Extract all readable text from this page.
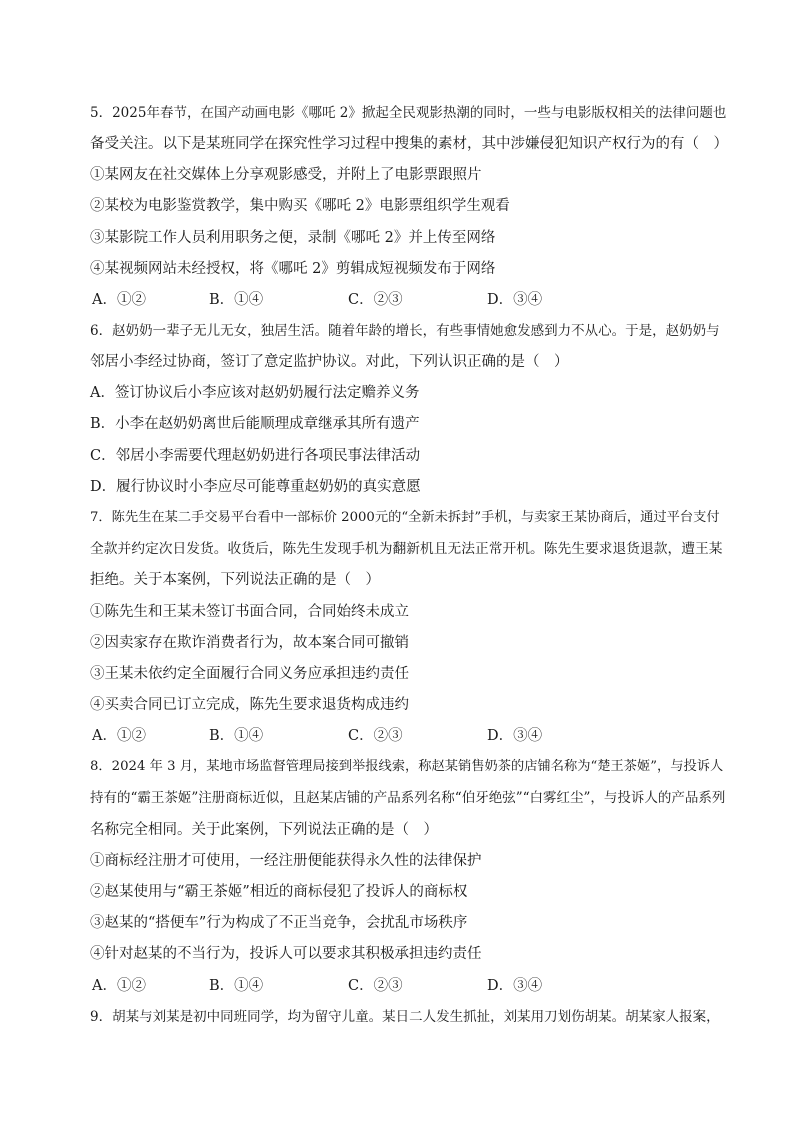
5．2025年春节，在国产动画电影《哪吒 2》掀起全民观影热潮的同时，一些与电影版权相关的法律问题也
备受关注。以下是某班同学在探究性学习过程中搜集的素材，其中涉嫌侵犯知识产权行为的有（　）
①某网友在社交媒体上分享观影感受，并附上了电影票跟照片
②某校为电影鉴赏教学，集中购买《哪吒 2》电影票组织学生观看
③某影院工作人员利用职务之便，录制《哪吒 2》并上传至网络
④某视频网站未经授权，将《哪吒 2》剪辑成短视频发布于网络
A．①②	B．①④	C．②③	D．③④
6．赵奶奶一辈子无儿无女，独居生活。随着年龄的增长，有些事情她愈发感到力不从心。于是，赵奶奶与
邻居小李经过协商，签订了意定监护协议。对此，下列认识正确的是（　）
A．签订协议后小李应该对赵奶奶履行法定赡养义务
B．小李在赵奶奶离世后能顺理成章继承其所有遗产
C．邻居小李需要代理赵奶奶进行各项民事法律活动
D．履行协议时小李应尽可能尊重赵奶奶的真实意愿
7．陈先生在某二手交易平台看中一部标价 2000元的“全新未拆封”手机，与卖家王某协商后，通过平台支付
全款并约定次日发货。收货后，陈先生发现手机为翻新机且无法正常开机。陈先生要求退货退款，遭王某
拒绝。关于本案例，下列说法正确的是（　）
①陈先生和王某未签订书面合同，合同始终未成立
②因卖家存在欺诈消费者行为，故本案合同可撤销
③王某未依约定全面履行合同义务应承担违约责任
④买卖合同已订立完成，陈先生要求退货构成违约
A．①②	B．①④	C．②③	D．③④
8．2024 年 3 月，某地市场监督管理局接到举报线索，称赵某销售奶茶的店铺名称为“楚王茶姬”，与投诉人
持有的“霸王茶姬”注册商标近似，且赵某店铺的产品系列名称“伯牙绝弦”“白雾红尘”，与投诉人的产品系列
名称完全相同。关于此案例，下列说法正确的是（　）
①商标经注册才可使用，一经注册便能获得永久性的法律保护
②赵某使用与“霸王茶姬”相近的商标侵犯了投诉人的商标权
③赵某的“搭便车”行为构成了不正当竞争，会扰乱市场秩序
④针对赵某的不当行为，投诉人可以要求其积极承担违约责任
A．①②	B．①④	C．②③	D．③④
9．胡某与刘某是初中同班同学，均为留守儿童。某日二人发生抓扯，刘某用刀划伤胡某。胡某家人报案，
